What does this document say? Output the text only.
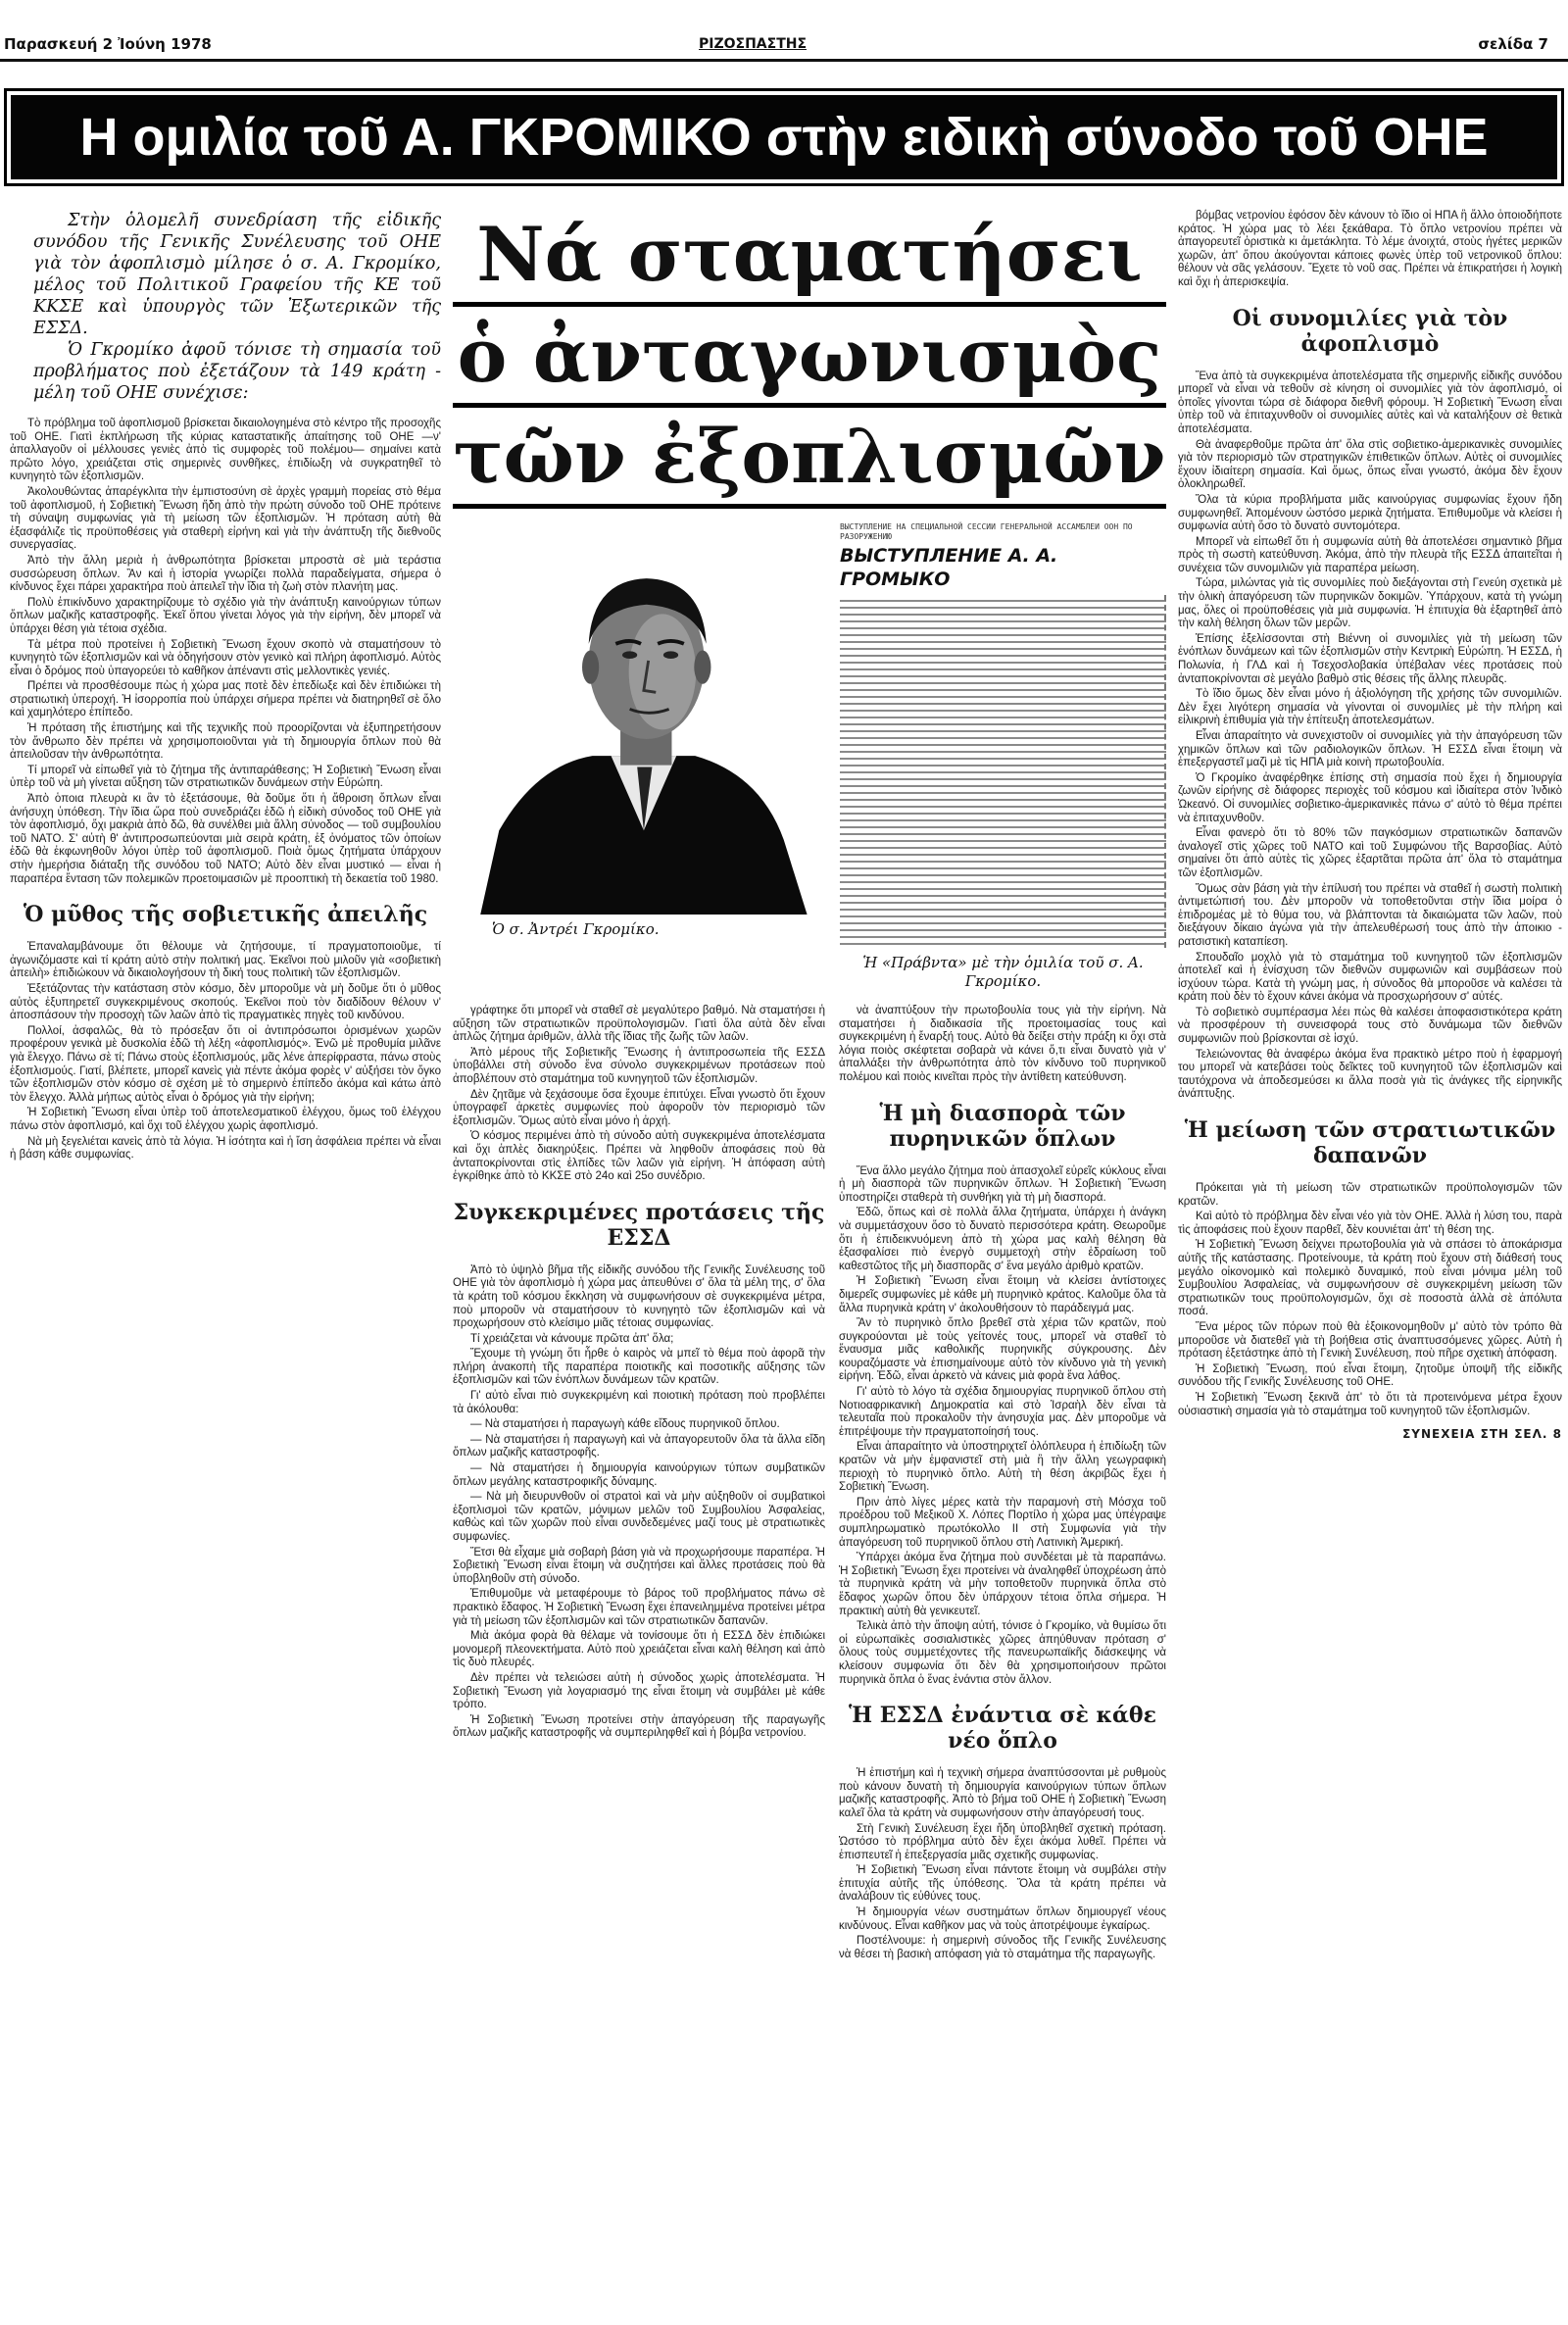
Παρασκευή 2 Ἰούνη 1978	ΡΙΖΟΣΠΑΣΤΗΣ	σελίδα 7
Η ομιλία τοῦ Α. ΓΚΡΟΜΙΚΟ στὴν ειδικὴ σύνοδο τοῦ ΟΗΕ

Στὴν ὁλομελῆ συνεδρίαση τῆς εἰδικῆς συνόδου τῆς Γενικῆς Συνέλευσης τοῦ ΟΗΕ γιὰ τὸν ἀφοπλισμὸ μίλησε ὁ σ. Α. Γκρομίκο, μέλος τοῦ Πολιτικοῦ Γραφείου τῆς ΚΕ τοῦ ΚΚΣΕ καὶ ὑπουργὸς τῶν Ἐξωτερικῶν τῆς ΕΣΣΔ.

Ὁ Γκρομίκο ἀφοῦ τόνισε τὴ σημασία τοῦ προβλήματος ποὺ ἐξετάζουν τὰ 149 κράτη - μέλη τοῦ ΟΗΕ συνέχισε:

Τὸ πρόβλημα τοῦ ἀφοπλισμοῦ βρίσκεται δικαιολογημένα στὸ κέντρο τῆς προσοχῆς τοῦ ΟΗΕ. Γιατὶ ἐκπλήρωση τῆς κύριας καταστατικῆς ἀπαίτησης τοῦ ΟΗΕ —ν' ἀπαλλαγοῦν οἱ μέλλουσες γενιὲς ἀπὸ τὶς συμφορὲς τοῦ πολέμου— σημαίνει κατὰ πρῶτο λόγο, χρειάζεται στὶς σημερινὲς συνθῆκες, ἐπιδίωξη νὰ συγκρατηθεῖ τὸ κυνηγητὸ τῶν ἐξοπλισμῶν.

Ἀκολουθώντας ἀπαρέγκλιτα τὴν ἐμπιστοσύνη σὲ ἀρχὲς γραμμὴ πορείας στὸ θέμα τοῦ ἀφοπλισμοῦ, ἡ Σοβιετικὴ Ἕνωση ἤδη ἀπὸ τὴν πρώτη σύνοδο τοῦ ΟΗΕ πρότεινε τὴ σύναψη συμφωνίας γιὰ τὴ μείωση τῶν ἐξοπλισμῶν. Ἡ πρόταση αὐτὴ θὰ ἐξασφάλιζε τὶς προϋποθέσεις γιὰ σταθερὴ εἰρήνη καὶ γιὰ τὴν ἀνάπτυξη τῆς διεθνοῦς συνεργασίας.

Ἀπὸ τὴν ἄλλη μεριὰ ἡ ἀνθρωπότητα βρίσκεται μπροστὰ σὲ μιὰ τεράστια συσσώρευση ὅπλων. Ἂν καὶ ἡ ἱστορία γνωρίζει πολλὰ παραδείγματα, σήμερα ὁ κίνδυνος ἔχει πάρει χαρακτήρα ποὺ ἀπειλεῖ τὴν ἴδια τὴ ζωὴ στὸν πλανήτη μας.

Πολὺ ἐπικίνδυνο χαρακτηρίζουμε τὸ σχέδιο γιὰ τὴν ἀνάπτυξη καινούργιων τύπων ὅπλων μαζικῆς καταστροφῆς. Ἐκεῖ ὅπου γίνεται λόγος γιὰ τὴν εἰρήνη, δὲν μπορεῖ νὰ ὑπάρχει θέση γιὰ τέτοια σχέδια.

Τὰ μέτρα ποὺ προτείνει ἡ Σοβιετικὴ Ἕνωση ἔχουν σκοπὸ νὰ σταματήσουν τὸ κυνηγητὸ τῶν ἐξοπλισμῶν καὶ νὰ ὁδηγήσουν στὸν γενικὸ καὶ πλήρη ἀφοπλισμό. Αὐτὸς εἶναι ὁ δρόμος ποὺ ὑπαγορεύει τὸ καθῆκον ἀπέναντι στὶς μελλοντικὲς γενιές.

Πρέπει νὰ προσθέσουμε πὼς ἡ χώρα μας ποτὲ δὲν ἐπεδίωξε καὶ δὲν ἐπιδιώκει τὴ στρατιωτικὴ ὑπεροχή. Ἡ ἰσορροπία ποὺ ὑπάρχει σήμερα πρέπει νὰ διατηρηθεῖ σὲ ὅλο καὶ χαμηλότερο ἐπίπεδο.

Ἡ πρόταση τῆς ἐπιστήμης καὶ τῆς τεχνικῆς ποὺ προορίζονται νὰ ἐξυπηρετήσουν τὸν ἄνθρωπο δὲν πρέπει νὰ χρησιμοποιοῦνται γιὰ τὴ δημιουργία ὅπλων ποὺ θὰ ἀπειλοῦσαν τὴν ἀνθρωπότητα.

Τί μπορεῖ νὰ εἰπωθεῖ γιὰ τὸ ζήτημα τῆς ἀντιπαράθεσης; Ἡ Σοβιετικὴ Ἕνωση εἶναι ὑπὲρ τοῦ νὰ μὴ γίνεται αὔξηση τῶν στρατιωτικῶν δυνάμεων στὴν Εὐρώπη.

Ἀπὸ ὁποια πλευρὰ κι ἂν τὸ ἐξετάσουμε, θὰ δοῦμε ὅτι ἡ ἄθροιση ὅπλων εἶναι ἀνήσυχη ὑπόθεση. Τὴν ἴδια ὥρα ποὺ συνεδριάζει ἐδῶ ἡ εἰδικὴ σύνοδος τοῦ ΟΗΕ γιὰ τὸν ἀφοπλισμό, ὄχι μακριὰ ἀπὸ δῶ, θὰ συνέλθει μιὰ ἄλλη σύνοδος — τοῦ συμβουλίου τοῦ ΝΑΤΟ. Σ' αὐτὴ θ' ἀντιπροσωπεύονται μιὰ σειρὰ κράτη, ἐξ ὀνόματος τῶν ὁποίων ἐδῶ θὰ ἐκφωνηθοῦν λόγοι ὑπὲρ τοῦ ἀφοπλισμοῦ. Ποιὰ ὅμως ζητήματα ὑπάρχουν στὴν ἡμερήσια διάταξη τῆς συνόδου τοῦ ΝΑΤΟ; Αὐτὸ δὲν εἶναι μυστικό — εἶναι ἡ παραπέρα ἔνταση τῶν πολεμικῶν προετοιμασιῶν μὲ προοπτικὴ τὴ δεκαετία τοῦ 1980.

Ὁ μῦθος τῆς σοβιετικῆς ἀπειλῆς

Ἐπαναλαμβάνουμε ὅτι θέλουμε νὰ ζητήσουμε, τί πραγματοποιοῦμε, τί ἀγωνιζόμαστε καὶ τί κράτη αὐτὸ στὴν πολιτική μας. Ἐκεῖνοι ποὺ μιλοῦν γιὰ «σοβιετικὴ ἀπειλὴ» ἐπιδιώκουν νὰ δικαιολογήσουν τὴ δική τους πολιτικὴ τῶν ἐξοπλισμῶν.

Ἐξετάζοντας τὴν κατάσταση στὸν κόσμο, δὲν μποροῦμε νὰ μὴ δοῦμε ὅτι ὁ μῦθος αὐτὸς ἐξυπηρετεῖ συγκεκριμένους σκοπούς. Ἐκεῖνοι ποὺ τὸν διαδίδουν θέλουν ν' ἀποσπάσουν τὴν προσοχὴ τῶν λαῶν ἀπὸ τὶς πραγματικὲς πηγὲς τοῦ κινδύνου.

Πολλοί, ἀσφαλῶς, θὰ τὸ πρόσεξαν ὅτι οἱ ἀντιπρόσωποι ὁρισμένων χωρῶν προφέρουν γενικὰ μὲ δυσκολία ἐδῶ τὴ λέξη «ἀφοπλισμός». Ἐνῶ μὲ προθυμία μιλᾶνε γιὰ ἔλεγχο. Πάνω σὲ τί; Πάνω στοὺς ἐξοπλισμούς, μᾶς λένε ἀπερίφραστα, πάνω στοὺς ἐξοπλισμούς. Γιατί, βλέπετε, μπορεῖ κανεὶς γιὰ πέντε ἀκόμα φορὲς ν' αὐξήσει τὸν ὄγκο τῶν ἐξοπλισμῶν στὸν κόσμο σὲ σχέση μὲ τὸ σημερινὸ ἐπίπεδο ἀκόμα καὶ κάτω ἀπὸ τὸν ἔλεγχο. Ἀλλὰ μήπως αὐτὸς εἶναι ὁ δρόμος γιὰ τὴν εἰρήνη;

Ἡ Σοβιετικὴ Ἕνωση εἶναι ὑπὲρ τοῦ ἀποτελεσματικοῦ ἐλέγχου, ὅμως τοῦ ἐλέγχου πάνω στὸν ἀφοπλισμό, καὶ ὄχι τοῦ ἐλέγχου χωρὶς ἀφοπλισμό.

Νὰ μὴ ξεγελιέται κανεὶς ἀπὸ τὰ λόγια. Ἡ ἰσότητα καὶ ἡ ἴση ἀσφάλεια πρέπει νὰ εἶναι ἡ βάση κάθε συμφωνίας.

Νά σταματήσει
ὁ ἀνταγωνισμὸς
τῶν ἐξοπλισμῶν
Ὁ σ. Ἀντρέι Γκρομίκο.
ВЫСТУПЛЕНИЕ НА СПЕЦИАЛЬНОЙ СЕССИИ ГЕНЕРАЛЬНОЙ АССАМБЛЕИ ООН ПО РАЗОРУЖЕНИЮ
ВЫСТУПЛЕНИЕ А. А. ГРОМЫКО
Ἡ «Πράβντα» μὲ τὴν ὁμιλία τοῦ σ. Α. Γκρομίκο.

γράφτηκε ὅτι μπορεῖ νὰ σταθεῖ σὲ μεγαλύτερο βαθμό. Νὰ σταματήσει ἡ αὔξηση τῶν στρατιωτικῶν προϋπολογισμῶν. Γιατὶ ὅλα αὐτὰ δὲν εἶναι ἁπλῶς ζήτημα ἀριθμῶν, ἀλλὰ τῆς ἴδιας τῆς ζωῆς τῶν λαῶν.

Ἀπὸ μέρους τῆς Σοβιετικῆς Ἕνωσης ἡ ἀντιπροσωπεία τῆς ΕΣΣΔ ὑποβάλλει στὴ σύνοδο ἕνα σύνολο συγκεκριμένων προτάσεων ποὺ ἀποβλέπουν στὸ σταμάτημα τοῦ κυνηγητοῦ τῶν ἐξοπλισμῶν.

Δὲν ζητᾶμε νὰ ξεχάσουμε ὅσα ἔχουμε ἐπιτύχει. Εἶναι γνωστὸ ὅτι ἔχουν ὑπογραφεῖ ἀρκετὲς συμφωνίες ποὺ ἀφοροῦν τὸν περιορισμὸ τῶν ἐξοπλισμῶν. Ὅμως αὐτὸ εἶναι μόνο ἡ ἀρχή.

Ὁ κόσμος περιμένει ἀπὸ τὴ σύνοδο αὐτὴ συγκεκριμένα ἀποτελέσματα καὶ ὄχι ἁπλὲς διακηρύξεις. Πρέπει νὰ ληφθοῦν ἀποφάσεις ποὺ θὰ ἀνταποκρίνονται στὶς ἐλπίδες τῶν λαῶν γιὰ εἰρήνη. Ἡ ἀπόφαση αὐτὴ ἐγκρίθηκε ἀπὸ τὸ ΚΚΣΕ στὸ 24ο καὶ 25ο συνέδριο.

Συγκεκριμένες προτάσεις τῆς ΕΣΣΔ

Ἀπὸ τὸ ὑψηλὸ βῆμα τῆς εἰδικῆς συνόδου τῆς Γενικῆς Συνέλευσης τοῦ ΟΗΕ γιὰ τὸν ἀφοπλισμὸ ἡ χώρα μας ἀπευθύνει σ' ὅλα τὰ μέλη της, σ' ὅλα τὰ κράτη τοῦ κόσμου ἔκκληση νὰ συμφωνήσουν σὲ συγκεκριμένα μέτρα, ποὺ μποροῦν νὰ σταματήσουν τὸ κυνηγητὸ τῶν ἐξοπλισμῶν καὶ νὰ προχωρήσουν στὸ κλείσιμο μιᾶς τέτοιας συμφωνίας.

Τί χρειάζεται νὰ κάνουμε πρῶτα ἀπ' ὅλα;

Ἔχουμε τὴ γνώμη ὅτι ἦρθε ὁ καιρὸς νὰ μπεῖ τὸ θέμα ποὺ ἀφορᾶ τὴν πλήρη ἀνακοπὴ τῆς παραπέρα ποιοτικῆς καὶ ποσοτικῆς αὔξησης τῶν ἐξοπλισμῶν καὶ τῶν ἐνόπλων δυνάμεων τῶν κρατῶν.

Γι' αὐτὸ εἶναι πιὸ συγκεκριμένη καὶ ποιοτικὴ πρόταση ποὺ προβλέπει τὰ ἀκόλουθα:

— Νὰ σταματήσει ἡ παραγωγὴ κάθε εἴδους πυρηνικοῦ ὅπλου.

— Νὰ σταματήσει ἡ παραγωγὴ καὶ νὰ ἀπαγορευτοῦν ὅλα τὰ ἄλλα εἴδη ὅπλων μαζικῆς καταστροφῆς.

— Νὰ σταματήσει ἡ δημιουργία καινούργιων τύπων συμβατικῶν ὅπλων μεγάλης καταστροφικῆς δύναμης.

— Νὰ μὴ διευρυνθοῦν οἱ στρατοὶ καὶ νὰ μὴν αὐξηθοῦν οἱ συμβατικοὶ ἐξοπλισμοὶ τῶν κρατῶν, μόνιμων μελῶν τοῦ Συμβουλίου Ἀσφαλείας, καθὼς καὶ τῶν χωρῶν ποὺ εἶναι συνδεδεμένες μαζί τους μὲ στρατιωτικὲς συμφωνίες.

Ἔτσι θὰ εἶχαμε μιὰ σοβαρὴ βάση γιὰ νὰ προχωρήσουμε παραπέρα. Ἡ Σοβιετικὴ Ἕνωση εἶναι ἕτοιμη νὰ συζητήσει καὶ ἄλλες προτάσεις ποὺ θὰ ὑποβληθοῦν στὴ σύνοδο.

Ἐπιθυμοῦμε νὰ μεταφέρουμε τὸ βάρος τοῦ προβλήματος πάνω σὲ πρακτικὸ ἔδαφος. Ἡ Σοβιετικὴ Ἕνωση ἔχει ἐπανειλημμένα προτείνει μέτρα γιὰ τὴ μείωση τῶν ἐξοπλισμῶν καὶ τῶν στρατιωτικῶν δαπανῶν.

Μιὰ ἀκόμα φορὰ θὰ θέλαμε νὰ τονίσουμε ὅτι ἡ ΕΣΣΔ δὲν ἐπιδιώκει μονομερῆ πλεονεκτήματα. Αὐτὸ ποὺ χρειάζεται εἶναι καλὴ θέληση καὶ ἀπὸ τὶς δυὸ πλευρές.

Δὲν πρέπει νὰ τελειώσει αὐτὴ ἡ σύνοδος χωρὶς ἀποτελέσματα. Ἡ Σοβιετικὴ Ἕνωση γιὰ λογαριασμό της εἶναι ἕτοιμη νὰ συμβάλει μὲ κάθε τρόπο.

Ἡ Σοβιετικὴ Ἕνωση προτείνει στὴν ἀπαγόρευση τῆς παραγωγῆς ὅπλων μαζικῆς καταστροφῆς νὰ συμπεριληφθεῖ καὶ ἡ βόμβα νετρονίου.

νὰ ἀναπτύξουν τὴν πρωτοβουλία τους γιὰ τὴν εἰρήνη. Νὰ σταματήσει ἡ διαδικασία τῆς προετοιμασίας τους καὶ συγκεκριμένη ἡ ἔναρξή τους. Αὐτὸ θὰ δείξει στὴν πράξη κι ὄχι στὰ λόγια ποιὸς σκέφτεται σοβαρὰ νὰ κάνει ὅ,τι εἶναι δυνατὸ γιὰ ν' ἀπαλλάξει τὴν ἀνθρωπότητα ἀπὸ τὸν κίνδυνο τοῦ πυρηνικοῦ πολέμου καὶ ποιὸς κινεῖται πρὸς τὴν ἀντίθετη κατεύθυνση.

Ἡ μὴ διασπορὰ τῶν πυρηνικῶν ὅπλων

Ἕνα ἄλλο μεγάλο ζήτημα ποὺ ἀπασχολεῖ εὐρεῖς κύκλους εἶναι ἡ μὴ διασπορὰ τῶν πυρηνικῶν ὅπλων. Ἡ Σοβιετικὴ Ἕνωση ὑποστηρίζει σταθερὰ τὴ συνθήκη γιὰ τὴ μὴ διασπορά.

Ἐδῶ, ὅπως καὶ σὲ πολλὰ ἄλλα ζητήματα, ὑπάρχει ἡ ἀνάγκη νὰ συμμετάσχουν ὅσο τὸ δυνατὸ περισσότερα κράτη. Θεωροῦμε ὅτι ἡ ἐπιδεικνυόμενη ἀπὸ τὴ χώρα μας καλὴ θέληση θὰ ἐξασφαλίσει πιὸ ἐνεργὸ συμμετοχὴ στὴν ἑδραίωση τοῦ καθεστῶτος τῆς μὴ διασπορᾶς σ' ἕνα μεγάλο ἀριθμὸ κρατῶν.

Ἡ Σοβιετικὴ Ἕνωση εἶναι ἕτοιμη νὰ κλείσει ἀντίστοιχες διμερεῖς συμφωνίες μὲ κάθε μὴ πυρηνικὸ κράτος. Καλοῦμε ὅλα τὰ ἄλλα πυρηνικὰ κράτη ν' ἀκολουθήσουν τὸ παράδειγμά μας.

Ἂν τὸ πυρηνικὸ ὅπλο βρεθεῖ στὰ χέρια τῶν κρατῶν, ποὺ συγκρούονται μὲ τοὺς γείτονές τους, μπορεῖ νὰ σταθεῖ τὸ ἔναυσμα μιᾶς καθολικῆς πυρηνικῆς σύγκρουσης. Δὲν κουραζόμαστε νὰ ἐπισημαίνουμε αὐτὸ τὸν κίνδυνο γιὰ τὴ γενικὴ εἰρήνη. Ἐδῶ, εἶναι ἀρκετὸ νὰ κάνεις μιὰ φορὰ ἕνα λάθος.

Γι' αὐτὸ τὸ λόγο τὰ σχέδια δημιουργίας πυρηνικοῦ ὅπλου στὴ Νοτιοαφρικανικὴ Δημοκρατία καὶ στὸ Ἰσραὴλ δὲν εἶναι τὰ τελευταῖα ποὺ προκαλοῦν τὴν ἀνησυχία μας. Δὲν μποροῦμε νὰ ἐπιτρέψουμε τὴν πραγματοποίησή τους.

Εἶναι ἀπαραίτητο νὰ ὑποστηριχτεῖ ὁλόπλευρα ἡ ἐπιδίωξη τῶν κρατῶν νὰ μὴν ἐμφανιστεῖ στὴ μιὰ ἢ τὴν ἄλλη γεωγραφικὴ περιοχὴ τὸ πυρηνικὸ ὅπλο. Αὐτὴ τὴ θέση ἀκριβῶς ἔχει ἡ Σοβιετικὴ Ἕνωση.

Πριν ἀπὸ λίγες μέρες κατὰ τὴν παραμονὴ στὴ Μόσχα τοῦ προέδρου τοῦ Μεξικοῦ Χ. Λόπες Πορτίλο ἡ χώρα μας ὑπέγραψε συμπληρωματικὸ πρωτόκολλο ΙΙ στὴ Συμφωνία γιὰ τὴν ἀπαγόρευση τοῦ πυρηνικοῦ ὅπλου στὴ Λατινικὴ Ἀμερική.

Ὑπάρχει ἀκόμα ἕνα ζήτημα ποὺ συνδέεται μὲ τὰ παραπάνω. Ἡ Σοβιετικὴ Ἕνωση ἔχει προτείνει νὰ ἀναληφθεῖ ὑποχρέωση ἀπὸ τὰ πυρηνικὰ κράτη νὰ μὴν τοποθετοῦν πυρηνικὰ ὅπλα στὸ ἔδαφος χωρῶν ὅπου δὲν ὑπάρχουν τέτοια ὅπλα σήμερα. Ἡ πρακτικὴ αὐτὴ θὰ γενικευτεῖ.

Τελικὰ ἀπὸ τὴν ἄποψη αὐτή, τόνισε ὁ Γκρομίκο, νὰ θυμίσω ὅτι οἱ εὐρωπαϊκὲς σοσιαλιστικὲς χῶρες ἀπηύθυναν πρόταση σ' ὅλους τοὺς συμμετέχοντες τῆς πανευρωπαϊκῆς διάσκεψης νὰ κλείσουν συμφωνία ὅτι δὲν θὰ χρησιμοποιήσουν πρῶτοι πυρηνικὰ ὅπλα ὁ ἕνας ἐνάντια στὸν ἄλλον.

Ἡ ΕΣΣΔ ἐνάντια σὲ κάθε νέο ὅπλο

Ἡ ἐπιστήμη καὶ ἡ τεχνικὴ σήμερα ἀναπτύσσονται μὲ ρυθμοὺς ποὺ κάνουν δυνατὴ τὴ δημιουργία καινούργιων τύπων ὅπλων μαζικῆς καταστροφῆς. Ἀπὸ τὸ βήμα τοῦ ΟΗΕ ἡ Σοβιετικὴ Ἕνωση καλεῖ ὅλα τὰ κράτη νὰ συμφωνήσουν στὴν ἀπαγόρευσή τους.

Στὴ Γενικὴ Συνέλευση ἔχει ἤδη ὑποβληθεῖ σχετικὴ πρόταση. Ὡστόσο τὸ πρόβλημα αὐτὸ δὲν ἔχει ἀκόμα λυθεῖ. Πρέπει νὰ ἐπισπευτεῖ ἡ ἐπεξεργασία μιᾶς σχετικῆς συμφωνίας.

Ἡ Σοβιετικὴ Ἕνωση εἶναι πάντοτε ἕτοιμη νὰ συμβάλει στὴν ἐπιτυχία αὐτῆς τῆς ὑπόθεσης. Ὅλα τὰ κράτη πρέπει νὰ ἀναλάβουν τὶς εὐθύνες τους.

Ἡ δημιουργία νέων συστημάτων ὅπλων δημιουργεῖ νέους κινδύνους. Εἶναι καθῆκον μας νὰ τοὺς ἀποτρέψουμε ἐγκαίρως.

Ποστέλνουμε: ἡ σημερινὴ σύνοδος τῆς Γενικῆς Συνέλευσης νὰ θέσει τὴ βασικὴ απόφαση γιὰ τὸ σταμάτημα τῆς παραγωγῆς.

βόμβας νετρονίου ἐφόσον δὲν κάνουν τὸ ἴδιο οἱ ΗΠΑ ἢ ἄλλο ὁποιοδήποτε κράτος. Ἡ χώρα μας τὸ λέει ξεκάθαρα. Τὸ ὅπλο νετρονίου πρέπει νὰ ἀπαγορευτεῖ ὁριστικὰ κι ἀμετάκλητα. Τὸ λέμε ἀνοιχτά, στοὺς ἡγέτες μερικῶν χωρῶν, ἀπ' ὅπου ἀκούγονται κάποιες φωνὲς ὑπὲρ τοῦ νετρονικοῦ ὅπλου: θέλουν νὰ σᾶς γελάσουν. Ἔχετε τὸ νοῦ σας. Πρέπει νὰ ἐπικρατήσει ἡ λογικὴ καὶ ὄχι ἡ ἀπερισκεψία.

Οἱ συνομιλίες γιὰ τὸν ἀφοπλισμὸ

Ἕνα ἀπὸ τὰ συγκεκριμένα ἀποτελέσματα τῆς σημερινῆς εἰδικῆς συνόδου μπορεῖ νὰ εἶναι νὰ τεθοῦν σὲ κίνηση οἱ συνομιλίες γιὰ τὸν ἀφοπλισμό, οἱ ὁποῖες γίνονται τώρα σὲ διάφορα διεθνῆ φόρουμ. Ἡ Σοβιετικὴ Ἕνωση εἶναι ὑπὲρ τοῦ νὰ ἐπιταχυνθοῦν οἱ συνομιλίες αὐτὲς καὶ νὰ καταλήξουν σὲ θετικὰ ἀποτελέσματα.

Θὰ ἀναφερθοῦμε πρῶτα ἀπ' ὅλα στὶς σοβιετικο-ἀμερικανικὲς συνομιλίες γιὰ τὸν περιορισμὸ τῶν στρατηγικῶν ἐπιθετικῶν ὅπλων. Αὐτὲς οἱ συνομιλίες ἔχουν ἰδιαίτερη σημασία. Καὶ ὅμως, ὅπως εἶναι γνωστό, ἀκόμα δὲν ἔχουν ὁλοκληρωθεῖ.

Ὅλα τὰ κύρια προβλήματα μιᾶς καινούργιας συμφωνίας ἔχουν ἤδη συμφωνηθεῖ. Ἀπομένουν ὡστόσο μερικὰ ζητήματα. Ἐπιθυμοῦμε νὰ κλείσει ἡ συμφωνία αὐτὴ ὅσο τὸ δυνατὸ συντομότερα.

Μπορεῖ νὰ εἰπωθεῖ ὅτι ἡ συμφωνία αὐτὴ θὰ ἀποτελέσει σημαντικὸ βῆμα πρὸς τὴ σωστὴ κατεύθυνση. Ἀκόμα, ἀπὸ τὴν πλευρὰ τῆς ΕΣΣΔ ἀπαιτεῖται ἡ συνέχεια τῶν συνομιλιῶν γιὰ παραπέρα μείωση.

Τώρα, μιλώντας γιὰ τὶς συνομιλίες ποὺ διεξάγονται στὴ Γενεύη σχετικὰ μὲ τὴν ὁλικὴ ἀπαγόρευση τῶν πυρηνικῶν δοκιμῶν. Ὑπάρχουν, κατὰ τὴ γνώμη μας, ὅλες οἱ προϋποθέσεις γιὰ μιὰ συμφωνία. Ἡ ἐπιτυχία θὰ ἐξαρτηθεῖ ἀπὸ τὴν καλὴ θέληση ὅλων τῶν μερῶν.

Ἐπίσης ἐξελίσσονται στὴ Βιέννη οἱ συνομιλίες γιὰ τὴ μείωση τῶν ἐνόπλων δυνάμεων καὶ τῶν ἐξοπλισμῶν στὴν Κεντρικὴ Εὐρώπη. Ἡ ΕΣΣΔ, ἡ Πολωνία, ἡ ΓΛΔ καὶ ἡ Τσεχοσλοβακία ὑπέβαλαν νέες προτάσεις ποὺ ἀνταποκρίνονται σὲ μεγάλο βαθμὸ στὶς θέσεις τῆς ἄλλης πλευρᾶς.

Τὸ ἴδιο ὅμως δὲν εἶναι μόνο ἡ ἀξιολόγηση τῆς χρήσης τῶν συνομιλιῶν. Δὲν ἔχει λιγότερη σημασία νὰ γίνονται οἱ συνομιλίες μὲ τὴν πλήρη καὶ εἰλικρινὴ ἐπιθυμία γιὰ τὴν ἐπίτευξη ἀποτελεσμάτων.

Εἶναι ἀπαραίτητο νὰ συνεχιστοῦν οἱ συνομιλίες γιὰ τὴν ἀπαγόρευση τῶν χημικῶν ὅπλων καὶ τῶν ραδιολογικῶν ὅπλων. Ἡ ΕΣΣΔ εἶναι ἕτοιμη νὰ ἐπεξεργαστεῖ μαζὶ μὲ τὶς ΗΠΑ μιὰ κοινὴ πρωτοβουλία.

Ὁ Γκρομίκο ἀναφέρθηκε ἐπίσης στὴ σημασία ποὺ ἔχει ἡ δημιουργία ζωνῶν εἰρήνης σὲ διάφορες περιοχὲς τοῦ κόσμου καὶ ἰδιαίτερα στὸν Ἰνδικὸ Ὠκεανό. Οἱ συνομιλίες σοβιετικο-ἀμερικανικὲς πάνω σ' αὐτὸ τὸ θέμα πρέπει νὰ ἐπιταχυνθοῦν.

Εἶναι φανερὸ ὅτι τὸ 80% τῶν παγκόσμιων στρατιωτικῶν δαπανῶν ἀναλογεῖ στὶς χῶρες τοῦ ΝΑΤΟ καὶ τοῦ Συμφώνου τῆς Βαρσοβίας. Αὐτὸ σημαίνει ὅτι ἀπὸ αὐτὲς τὶς χῶρες ἐξαρτᾶται πρῶτα ἀπ' ὅλα τὸ σταμάτημα τῶν ἐξοπλισμῶν.

Ὅμως σὰν βάση γιὰ τὴν ἐπίλυσή του πρέπει νὰ σταθεῖ ἡ σωστὴ πολιτικὴ ἀντιμετώπισή του. Δὲν μποροῦν νὰ τοποθετοῦνται στὴν ἴδια μοίρα ὁ ἐπιδρομέας μὲ τὸ θύμα του, νὰ βλάπτονται τὰ δικαιώματα τῶν λαῶν, ποὺ διεξάγουν δίκαιο ἀγώνα γιὰ τὴν ἀπελευθέρωσή τους ἀπὸ τὴν ἀποικιο - ρατσιστικὴ καταπίεση.

Σπουδαῖο μοχλὸ γιὰ τὸ σταμάτημα τοῦ κυνηγητοῦ τῶν ἐξοπλισμῶν ἀποτελεῖ καὶ ἡ ἐνίσχυση τῶν διεθνῶν συμφωνιῶν καὶ συμβάσεων ποὺ ἰσχύουν τώρα. Κατὰ τὴ γνώμη μας, ἡ σύνοδος θὰ μποροῦσε νὰ καλέσει τὰ κράτη ποὺ δὲν τὸ ἔχουν κάνει ἀκόμα νὰ προσχωρήσουν σ' αὐτές.

Τὸ σοβιετικὸ συμπέρασμα λέει πὼς θὰ καλέσει ἀποφασιστικότερα κράτη νὰ προσφέρουν τὴ συνεισφορά τους στὸ δυνάμωμα τῶν διεθνῶν συμφωνιῶν ποὺ βρίσκονται σὲ ἰσχύ.

Τελειώνοντας θὰ ἀναφέρω ἀκόμα ἕνα πρακτικὸ μέτρο ποὺ ἡ ἐφαρμογή του μπορεῖ νὰ κατεβάσει τοὺς δεῖκτες τοῦ κυνηγητοῦ τῶν ἐξοπλισμῶν καὶ ταυτόχρονα νὰ ἀποδεσμεύσει κι ἄλλα ποσὰ γιὰ τὶς ἀνάγκες τῆς εἰρηνικῆς ἀνάπτυξης.

Ἡ μείωση τῶν στρατιωτικῶν δαπανῶν

Πρόκειται γιὰ τὴ μείωση τῶν στρατιωτικῶν προϋπολογισμῶν τῶν κρατῶν.

Καὶ αὐτὸ τὸ πρόβλημα δὲν εἶναι νέο γιὰ τὸν ΟΗΕ. Ἀλλὰ ἡ λύση του, παρὰ τὶς ἀποφάσεις ποὺ ἔχουν παρθεῖ, δὲν κουνιέται ἀπ' τὴ θέση της.

Ἡ Σοβιετικὴ Ἕνωση δείχνει πρωτοβουλία γιὰ νὰ σπάσει τὸ ἀποκάρισμα αὐτῆς τῆς κατάστασης. Προτείνουμε, τὰ κράτη ποὺ ἔχουν στὴ διάθεσή τους μεγάλο οἰκονομικὸ καὶ πολεμικὸ δυναμικό, ποὺ εἶναι μόνιμα μέλη τοῦ Συμβουλίου Ἀσφαλείας, νὰ συμφωνήσουν σὲ συγκεκριμένη μείωση τῶν στρατιωτικῶν τους προϋπολογισμῶν, ὄχι σὲ ποσοστὰ ἀλλὰ σὲ ἀπόλυτα ποσά.

Ἕνα μέρος τῶν πόρων ποὺ θὰ ἐξοικονομηθοῦν μ' αὐτὸ τὸν τρόπο θὰ μποροῦσε νὰ διατεθεῖ γιὰ τὴ βοήθεια στὶς ἀναπτυσσόμενες χῶρες. Αὐτὴ ἡ πρόταση ἐξετάστηκε ἀπὸ τὴ Γενικὴ Συνέλευση, ποὺ πῆρε σχετικὴ ἀπόφαση.

Ἡ Σοβιετικὴ Ἕνωση, πού εἶναι ἕτοιμη, ζητοῦμε ὑποψῆ τῆς εἰδικῆς συνόδου τῆς Γενικῆς Συνέλευσης τοῦ ΟΗΕ.

Ἡ Σοβιετικὴ Ἕνωση ξεκινᾶ ἀπ' τὸ ὅτι τὰ προτεινόμενα μέτρα ἔχουν οὐσιαστικὴ σημασία γιὰ τὸ σταμάτημα τοῦ κυνηγητοῦ τῶν ἐξοπλισμῶν.

ΣΥΝΕΧΕΙΑ ΣΤΗ ΣΕΛ. 8
